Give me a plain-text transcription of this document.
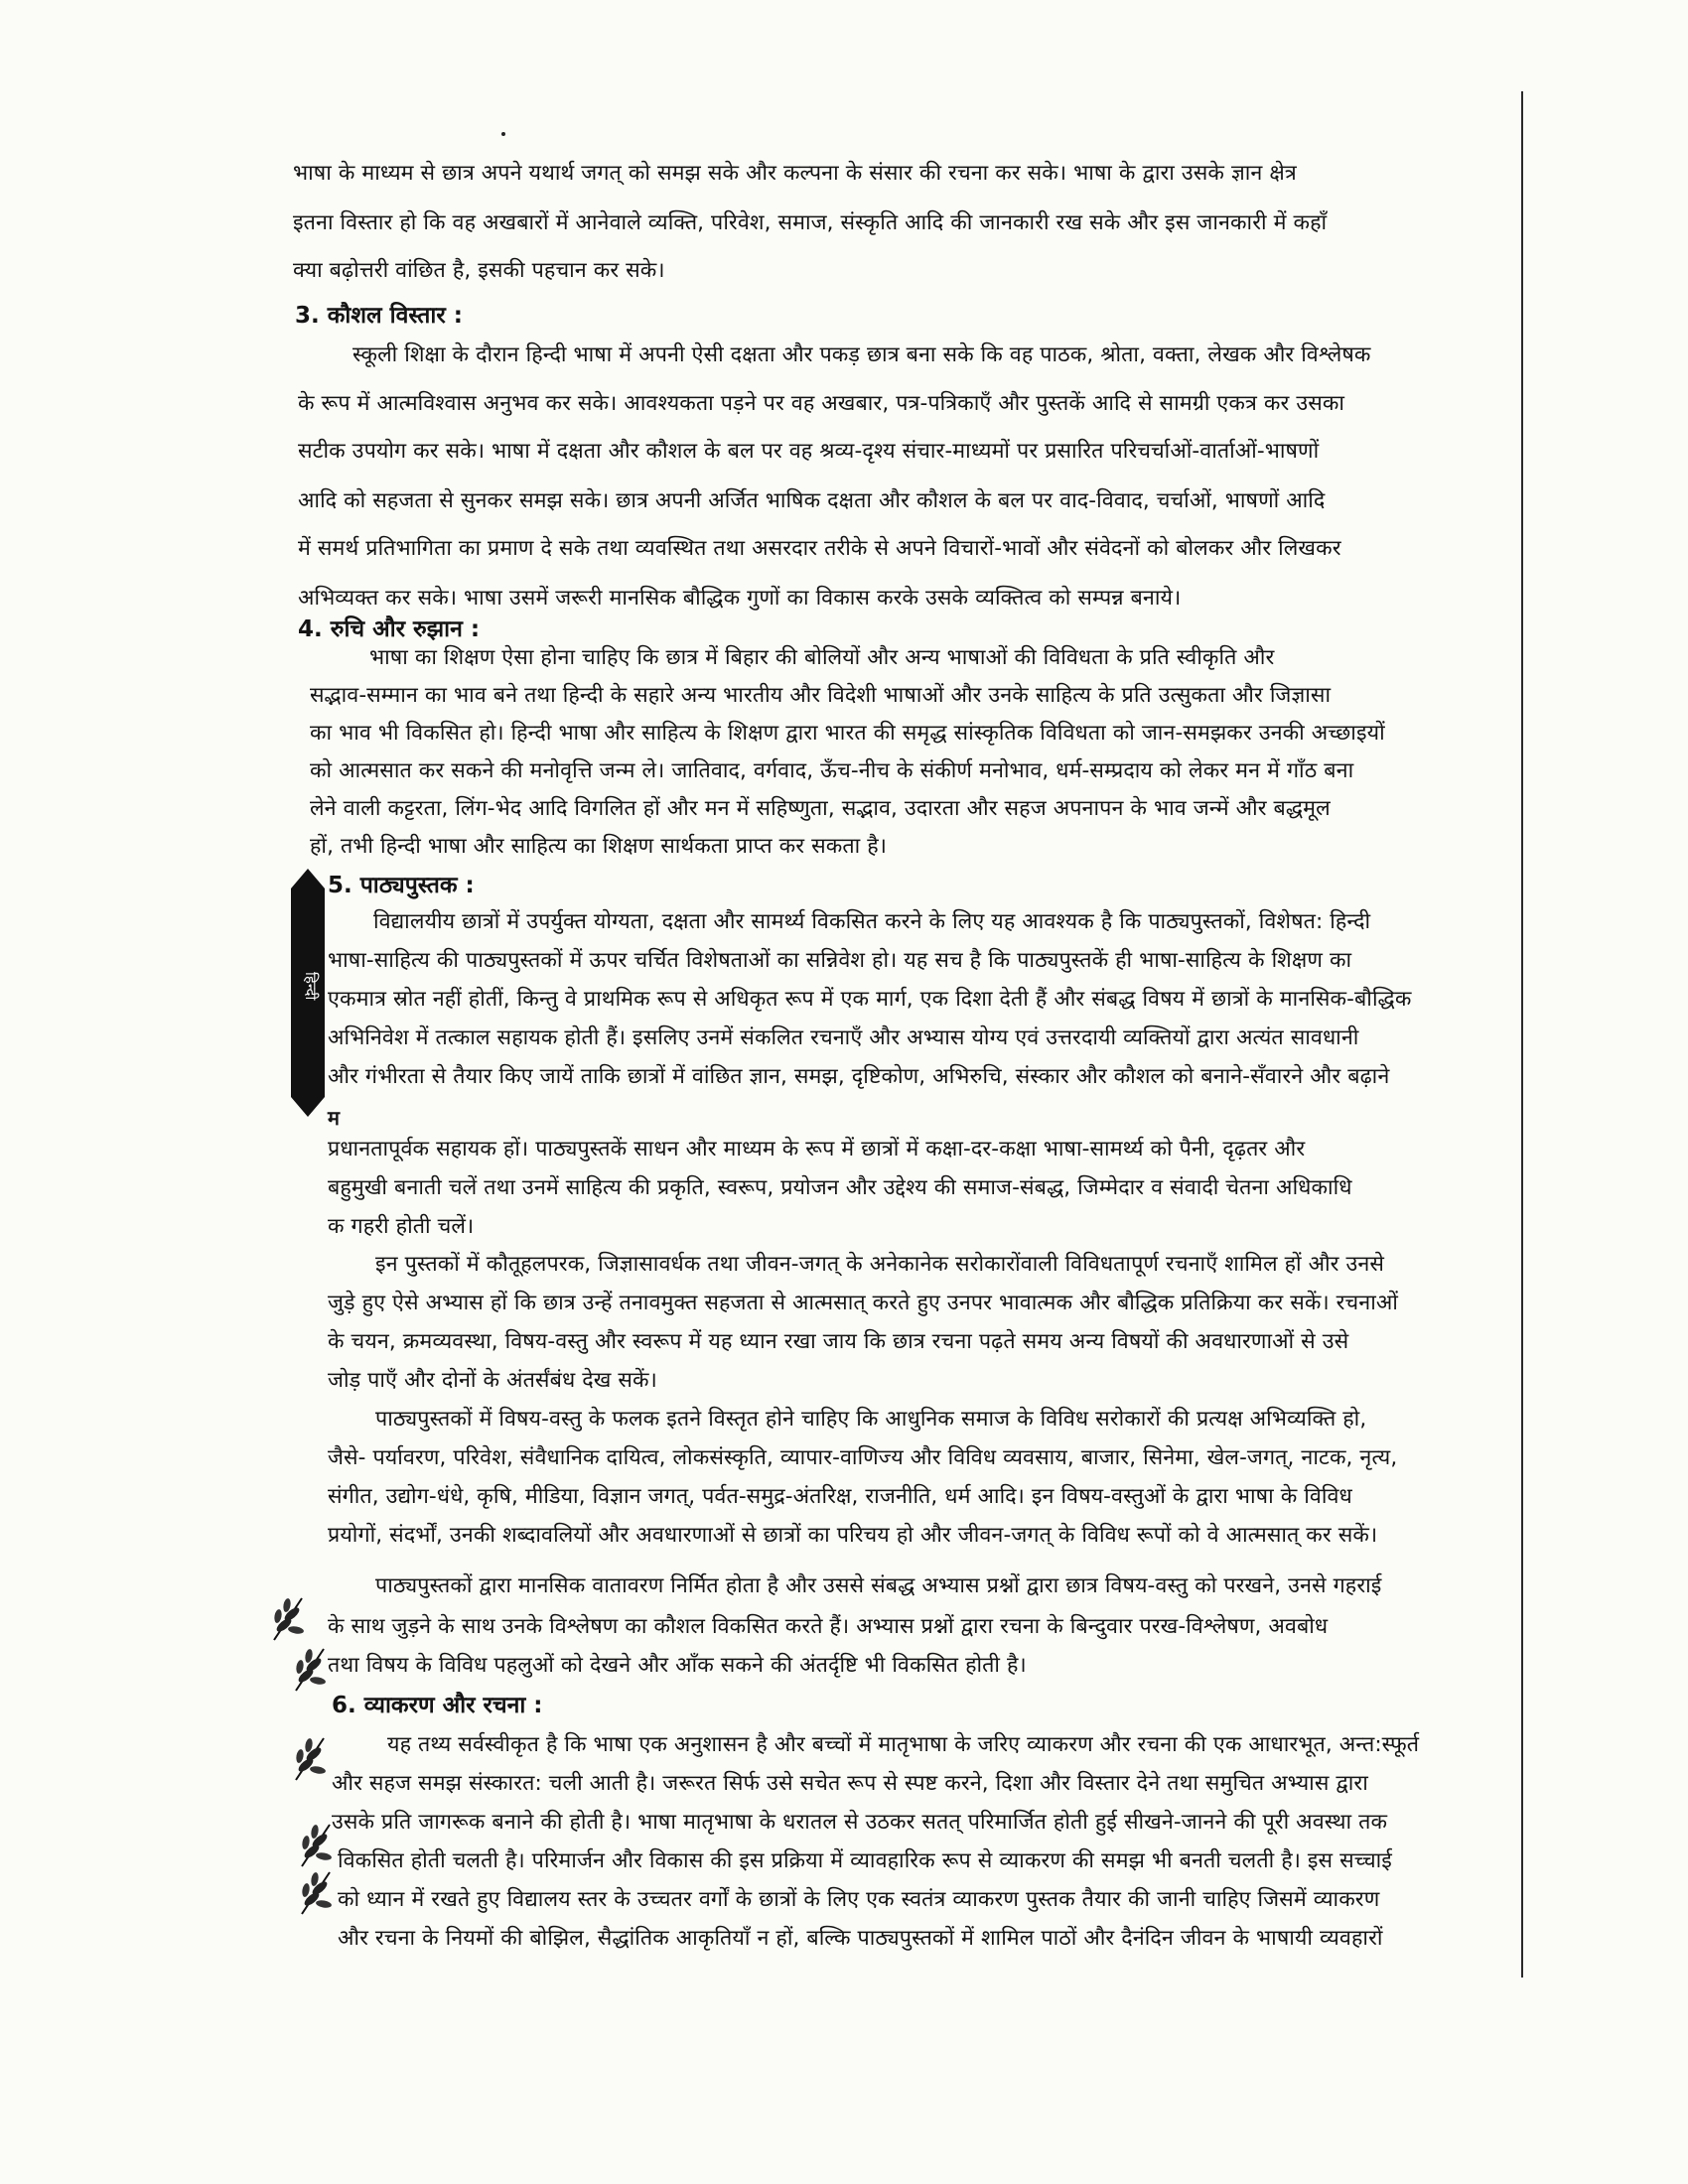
भाषा के माध्यम से छात्र अपने यथार्थ जगत् को समझ सके और कल्पना के संसार की रचना कर सके। भाषा के द्वारा उसके ज्ञान क्षेत्र
इतना विस्तार हो कि वह अखबारों में आनेवाले व्यक्ति, परिवेश, समाज, संस्कृति आदि की जानकारी रख सके और इस जानकारी में कहाँ
क्या बढ़ोत्तरी वांछित है, इसकी पहचान कर सके।
3. कौशल विस्तार :
स्कूली शिक्षा के दौरान हिन्दी भाषा में अपनी ऐसी दक्षता और पकड़ छात्र बना सके कि वह पाठक, श्रोता, वक्ता, लेखक और विश्लेषक
के रूप में आत्मविश्वास अनुभव कर सके। आवश्यकता पड़ने पर वह अखबार, पत्र-पत्रिकाएँ और पुस्तकें आदि से सामग्री एकत्र कर उसका
सटीक उपयोग कर सके। भाषा में दक्षता और कौशल के बल पर वह श्रव्य-दृश्य संचार-माध्यमों पर प्रसारित परिचर्चाओं-वार्ताओं-भाषणों
आदि को सहजता से सुनकर समझ सके। छात्र अपनी अर्जित भाषिक दक्षता और कौशल के बल पर वाद-विवाद, चर्चाओं, भाषणों आदि
में समर्थ प्रतिभागिता का प्रमाण दे सके तथा व्यवस्थित तथा असरदार तरीके से अपने विचारों-भावों और संवेदनों को बोलकर और लिखकर
अभिव्यक्त कर सके। भाषा उसमें जरूरी मानसिक बौद्धिक गुणों का विकास करके उसके व्यक्तित्व को सम्पन्न बनाये।
4. रुचि और रुझान :
भाषा का शिक्षण ऐसा होना चाहिए कि छात्र में बिहार की बोलियों और अन्य भाषाओं की विविधता के प्रति स्वीकृति और
सद्भाव-सम्मान का भाव बने तथा हिन्दी के सहारे अन्य भारतीय और विदेशी भाषाओं और उनके साहित्य के प्रति उत्सुकता और जिज्ञासा
का भाव भी विकसित हो। हिन्दी भाषा और साहित्य के शिक्षण द्वारा भारत की समृद्ध सांस्कृतिक विविधता को जान-समझकर उनकी अच्छाइयों
को आत्मसात कर सकने की मनोवृत्ति जन्म ले। जातिवाद, वर्गवाद, ऊँच-नीच के संकीर्ण मनोभाव, धर्म-सम्प्रदाय को लेकर मन में गाँठ बना
लेने वाली कट्टरता, लिंग-भेद आदि विगलित हों और मन में सहिष्णुता, सद्भाव, उदारता और सहज अपनापन के भाव जन्में और बद्धमूल
हों, तभी हिन्दी भाषा और साहित्य का शिक्षण सार्थकता प्राप्त कर सकता है।
हिन्दी
5. पाठ्यपुस्तक :
विद्यालयीय छात्रों में उपर्युक्त योग्यता, दक्षता और सामर्थ्य विकसित करने के लिए यह आवश्यक है कि पाठ्यपुस्तकों, विशेषत: हिन्दी
भाषा-साहित्य की पाठ्यपुस्तकों में ऊपर चर्चित विशेषताओं का सन्निवेश हो। यह सच है कि पाठ्यपुस्तकें ही भाषा-साहित्य के शिक्षण का
एकमात्र स्रोत नहीं होतीं, किन्तु वे प्राथमिक रूप से अधिकृत रूप में एक मार्ग, एक दिशा देती हैं और संबद्ध विषय में छात्रों के मानसिक-बौद्धिक
अभिनिवेश में तत्काल सहायक होती हैं। इसलिए उनमें संकलित रचनाएँ और अभ्यास योग्य एवं उत्तरदायी व्यक्तियों द्वारा अत्यंत सावधानी
और गंभीरता से तैयार किए जायें ताकि छात्रों में वांछित ज्ञान, समझ, दृष्टिकोण, अभिरुचि, संस्कार और कौशल को बनाने-सँवारने और बढ़ाने
म
प्रधानतापूर्वक सहायक हों। पाठ्यपुस्तकें साधन और माध्यम के रूप में छात्रों में कक्षा-दर-कक्षा भाषा-सामर्थ्य को पैनी, दृढ़तर और
बहुमुखी बनाती चलें तथा उनमें साहित्य की प्रकृति, स्वरूप, प्रयोजन और उद्देश्य की समाज-संबद्ध, जिम्मेदार व संवादी चेतना अधिकाधि
क गहरी होती चलें।
इन पुस्तकों में कौतूहलपरक, जिज्ञासावर्धक तथा जीवन-जगत् के अनेकानेक सरोकारोंवाली विविधतापूर्ण रचनाएँ शामिल हों और उनसे
जुड़े हुए ऐसे अभ्यास हों कि छात्र उन्हें तनावमुक्त सहजता से आत्मसात् करते हुए उनपर भावात्मक और बौद्धिक प्रतिक्रिया कर सकें। रचनाओं
के चयन, क्रमव्यवस्था, विषय-वस्तु और स्वरूप में यह ध्यान रखा जाय कि छात्र रचना पढ़ते समय अन्य विषयों की अवधारणाओं से उसे
जोड़ पाएँ और दोनों के अंतर्संबंध देख सकें।
पाठ्यपुस्तकों में विषय-वस्तु के फलक इतने विस्तृत होने चाहिए कि आधुनिक समाज के विविध सरोकारों की प्रत्यक्ष अभिव्यक्ति हो,
जैसे- पर्यावरण, परिवेश, संवैधानिक दायित्व, लोकसंस्कृति, व्यापार-वाणिज्य और विविध व्यवसाय, बाजार, सिनेमा, खेल-जगत्, नाटक, नृत्य,
संगीत, उद्योग-धंधे, कृषि, मीडिया, विज्ञान जगत्, पर्वत-समुद्र-अंतरिक्ष, राजनीति, धर्म आदि। इन विषय-वस्तुओं के द्वारा भाषा के विविध
प्रयोगों, संदर्भों, उनकी शब्दावलियों और अवधारणाओं से छात्रों का परिचय हो और जीवन-जगत् के विविध रूपों को वे आत्मसात् कर सकें।
पाठ्यपुस्तकों द्वारा मानसिक वातावरण निर्मित होता है और उससे संबद्ध अभ्यास प्रश्नों द्वारा छात्र विषय-वस्तु को परखने, उनसे गहराई
के साथ जुड़ने के साथ उनके विश्लेषण का कौशल विकसित करते हैं। अभ्यास प्रश्नों द्वारा रचना के बिन्दुवार परख-विश्लेषण, अवबोध
तथा विषय के विविध पहलुओं को देखने और आँक सकने की अंतर्दृष्टि भी विकसित होती है।
6. व्याकरण और रचना :
यह तथ्य सर्वस्वीकृत है कि भाषा एक अनुशासन है और बच्चों में मातृभाषा के जरिए व्याकरण और रचना की एक आधारभूत, अन्त:स्फूर्त
और सहज समझ संस्कारत: चली आती है। जरूरत सिर्फ उसे सचेत रूप से स्पष्ट करने, दिशा और विस्तार देने तथा समुचित अभ्यास द्वारा
उसके प्रति जागरूक बनाने की होती है। भाषा मातृभाषा के धरातल से उठकर सतत् परिमार्जित होती हुई सीखने-जानने की पूरी अवस्था तक
विकसित होती चलती है। परिमार्जन और विकास की इस प्रक्रिया में व्यावहारिक रूप से व्याकरण की समझ भी बनती चलती है। इस सच्चाई
को ध्यान में रखते हुए विद्यालय स्तर के उच्चतर वर्गों के छात्रों के लिए एक स्वतंत्र व्याकरण पुस्तक तैयार की जानी चाहिए जिसमें व्याकरण
और रचना के नियमों की बोझिल, सैद्धांतिक आकृतियाँ न हों, बल्कि पाठ्यपुस्तकों में शामिल पाठों और दैनंदिन जीवन के भाषायी व्यवहारों
